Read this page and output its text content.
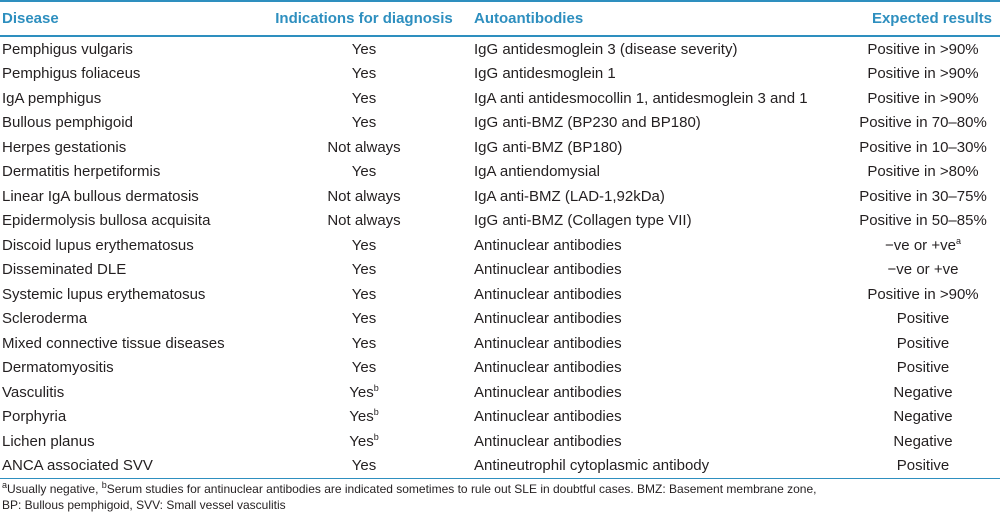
Disease	Indications for diagnosis	Autoantibodies	Expected results
Pemphigus vulgaris	Yes	IgG antidesmoglein 3 (disease severity)	Positive in >90%
Pemphigus foliaceus	Yes	IgG antidesmoglein 1	Positive in >90%
IgA pemphigus	Yes	IgA anti antidesmocollin 1, antidesmoglein 3 and 1	Positive in >90%
Bullous pemphigoid	Yes	IgG anti-BMZ (BP230 and BP180)	Positive in 70–80%
Herpes gestationis	Not always	IgG anti-BMZ (BP180)	Positive in 10–30%
Dermatitis herpetiformis	Yes	IgA antiendomysial	Positive in >80%
Linear IgA bullous dermatosis	Not always	IgA anti-BMZ (LAD-1,92kDa)	Positive in 30–75%
Epidermolysis bullosa acquisita	Not always	IgG anti-BMZ (Collagen type VII)	Positive in 50–85%
Discoid lupus erythematosus	Yes	Antinuclear antibodies	−ve or $+ve^a$
Disseminated DLE	Yes	Antinuclear antibodies	−ve or +ve
Systemic lupus erythematosus	Yes	Antinuclear antibodies	Positive in >90%
Scleroderma	Yes	Antinuclear antibodies	Positive
Mixed connective tissue diseases	Yes	Antinuclear antibodies	Positive
Dermatomyositis	Yes	Antinuclear antibodies	Positive
Vasculitis	Yes$^b$	Antinuclear antibodies	Negative
Porphyria	Yes$^b$	Antinuclear antibodies	Negative
Lichen planus	Yes$^b$	Antinuclear antibodies	Negative
ANCA associated SVV	Yes	Antineutrophil cytoplasmic antibody	Positive
$^a$Usually negative, $^b$Serum studies for antinuclear antibodies are indicated sometimes to rule out SLE in doubtful cases. BMZ: Basement membrane zone,
BP: Bullous pemphigoid, SVV: Small vessel vasculitis
